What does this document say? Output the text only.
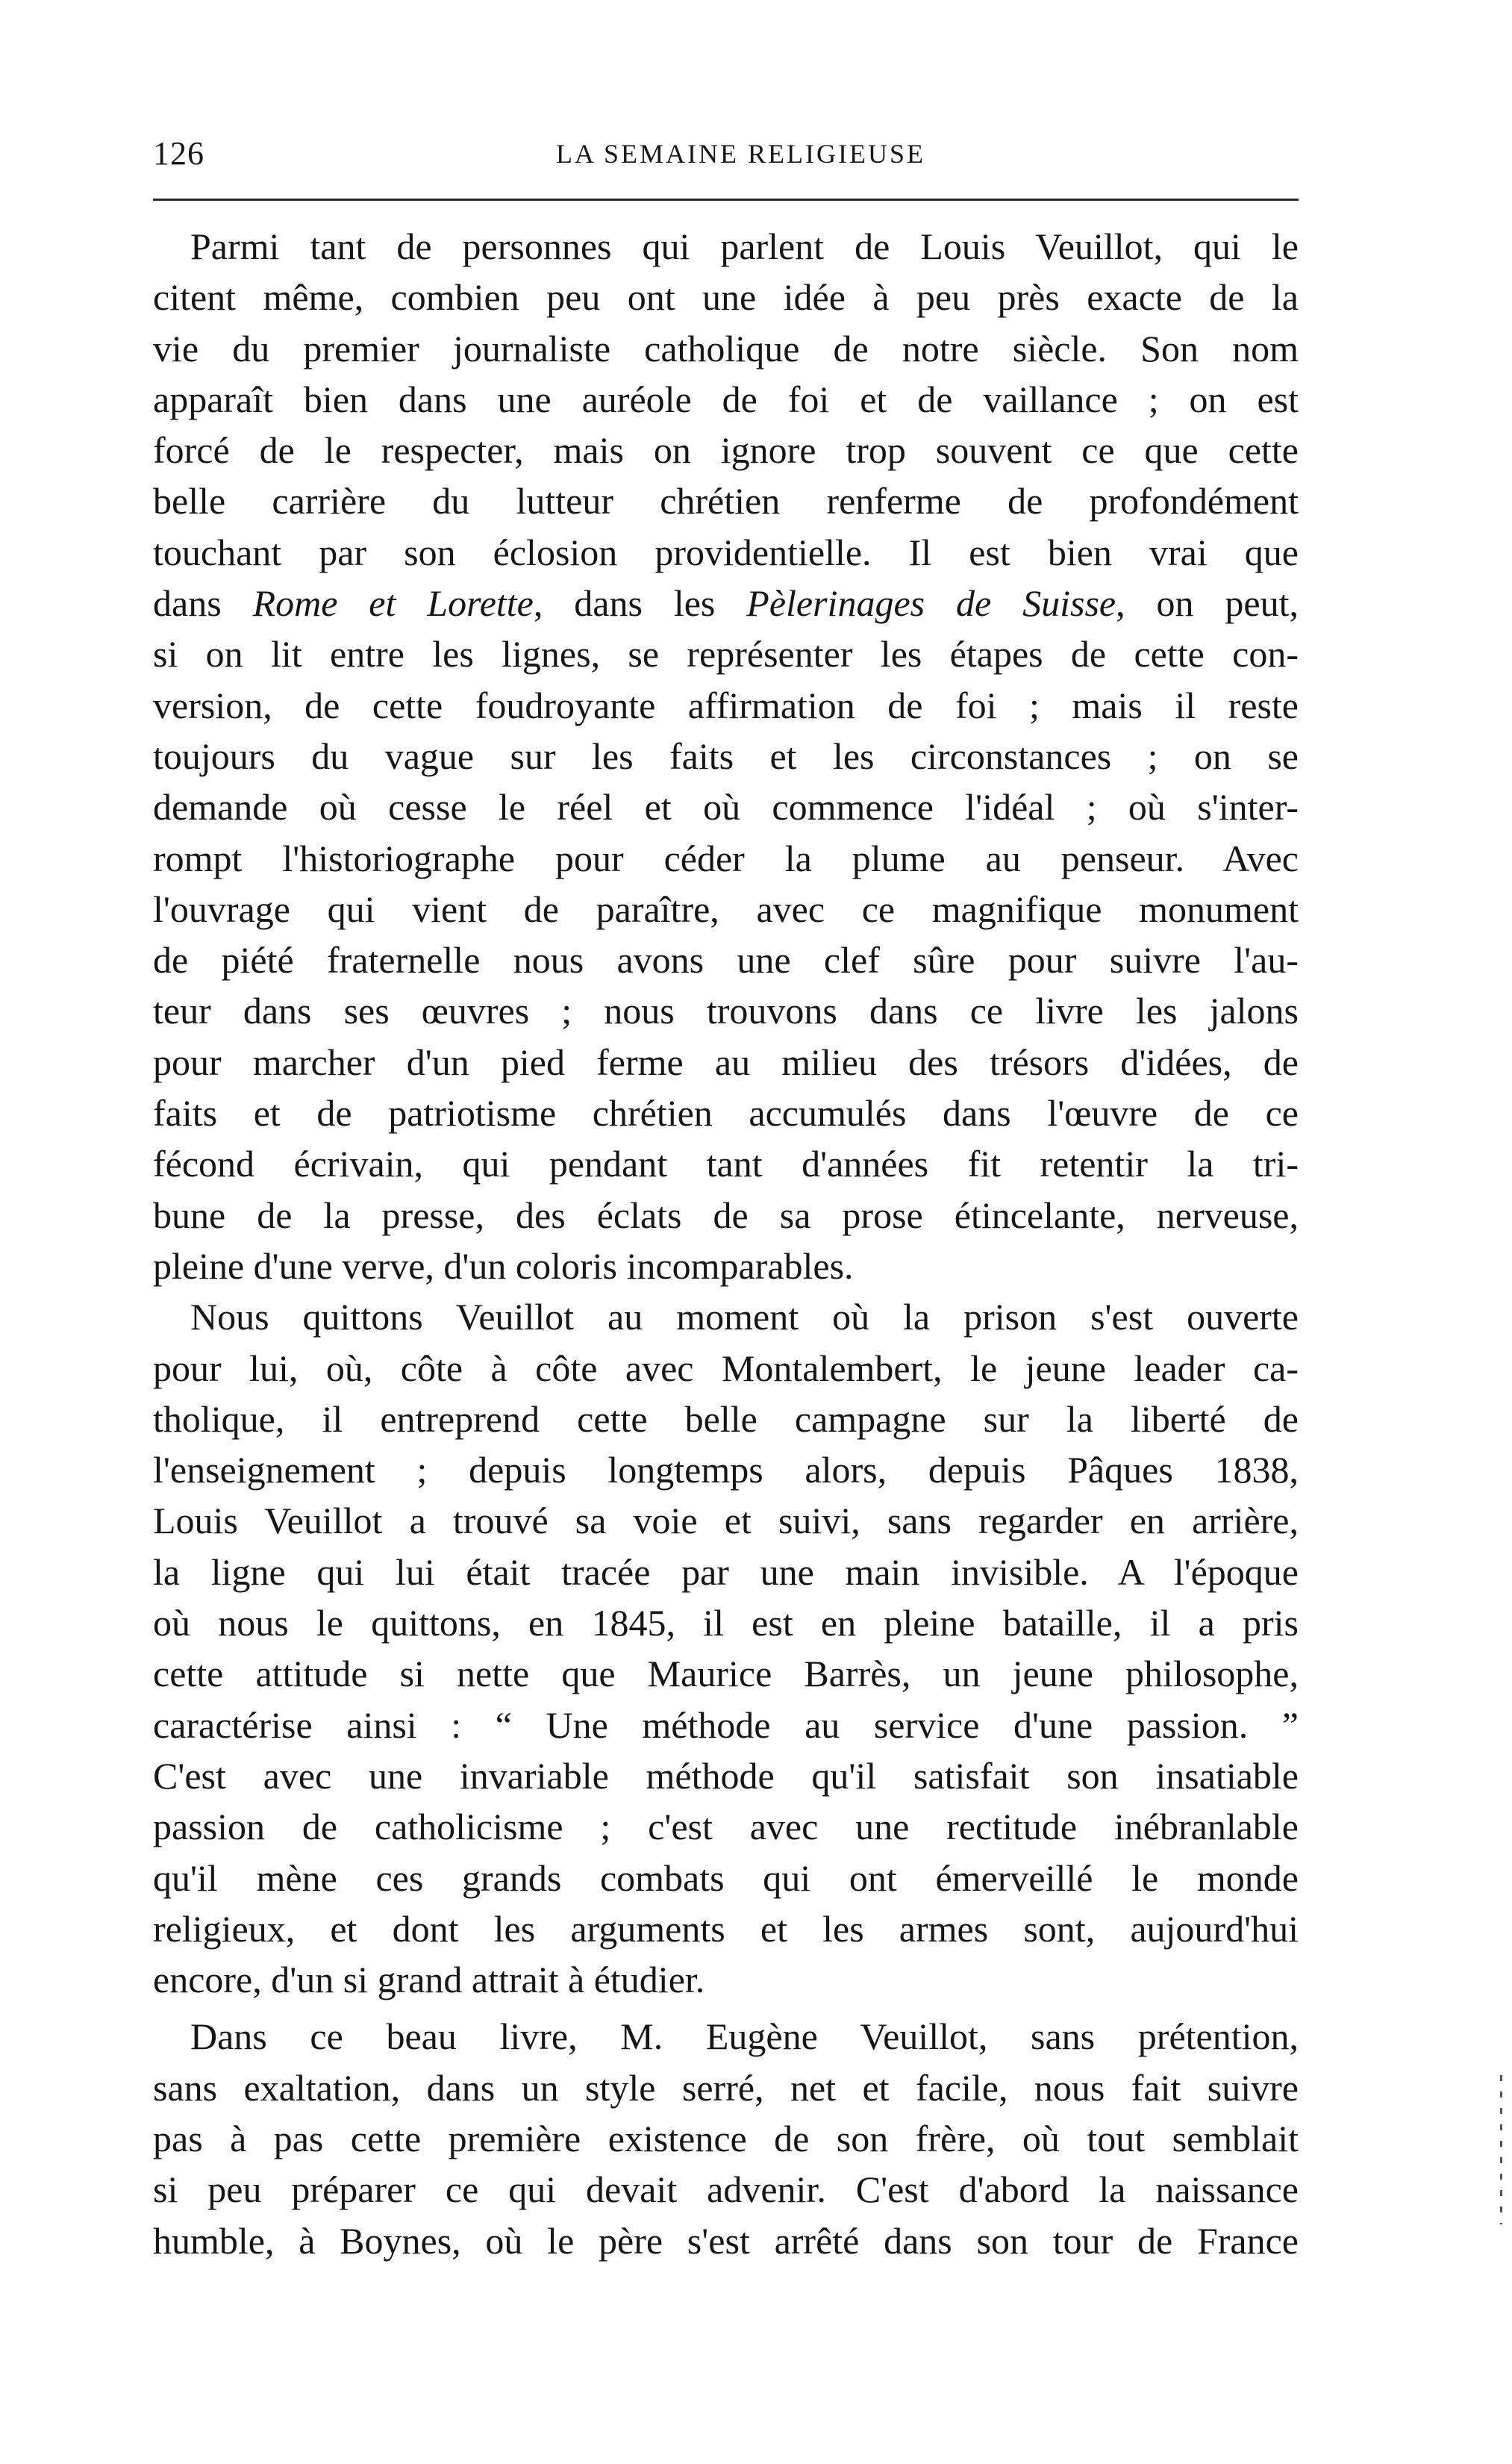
126	LA SEMAINE RELIGIEUSE
Parmi tant de personnes qui parlent de Louis Veuillot, qui le
citent même, combien peu ont une idée à peu près exacte de la
vie du premier journaliste catholique de notre siècle. Son nom
apparaît bien dans une auréole de foi et de vaillance ; on est
forcé de le respecter, mais on ignore trop souvent ce que cette
belle carrière du lutteur chrétien renferme de profondément
touchant par son éclosion providentielle. Il est bien vrai que
dans Rome et Lorette, dans les Pèlerinages de Suisse, on peut,
si on lit entre les lignes, se représenter les étapes de cette con-
version, de cette foudroyante affirmation de foi ; mais il reste
toujours du vague sur les faits et les circonstances ; on se
demande où cesse le réel et où commence l'idéal ; où s'inter-
rompt l'historiographe pour céder la plume au penseur. Avec
l'ouvrage qui vient de paraître, avec ce magnifique monument
de piété fraternelle nous avons une clef sûre pour suivre l'au-
teur dans ses œuvres ; nous trouvons dans ce livre les jalons
pour marcher d'un pied ferme au milieu des trésors d'idées, de
faits et de patriotisme chrétien accumulés dans l'œuvre de ce
fécond écrivain, qui pendant tant d'années fit retentir la tri-
bune de la presse, des éclats de sa prose étincelante, nerveuse,
pleine d'une verve, d'un coloris incomparables.
Nous quittons Veuillot au moment où la prison s'est ouverte
pour lui, où, côte à côte avec Montalembert, le jeune leader ca-
tholique, il entreprend cette belle campagne sur la liberté de
l'enseignement ; depuis longtemps alors, depuis Pâques 1838,
Louis Veuillot a trouvé sa voie et suivi, sans regarder en arrière,
la ligne qui lui était tracée par une main invisible. A l'époque
où nous le quittons, en 1845, il est en pleine bataille, il a pris
cette attitude si nette que Maurice Barrès, un jeune philosophe,
caractérise ainsi : “ Une méthode au service d'une passion. ”
C'est avec une invariable méthode qu'il satisfait son insatiable
passion de catholicisme ; c'est avec une rectitude inébranlable
qu'il mène ces grands combats qui ont émerveillé le monde
religieux, et dont les arguments et les armes sont, aujourd'hui
encore, d'un si grand attrait à étudier.
Dans ce beau livre, M. Eugène Veuillot, sans prétention,
sans exaltation, dans un style serré, net et facile, nous fait suivre
pas à pas cette première existence de son frère, où tout semblait
si peu préparer ce qui devait advenir. C'est d'abord la naissance
humble, à Boynes, où le père s'est arrêté dans son tour de France
